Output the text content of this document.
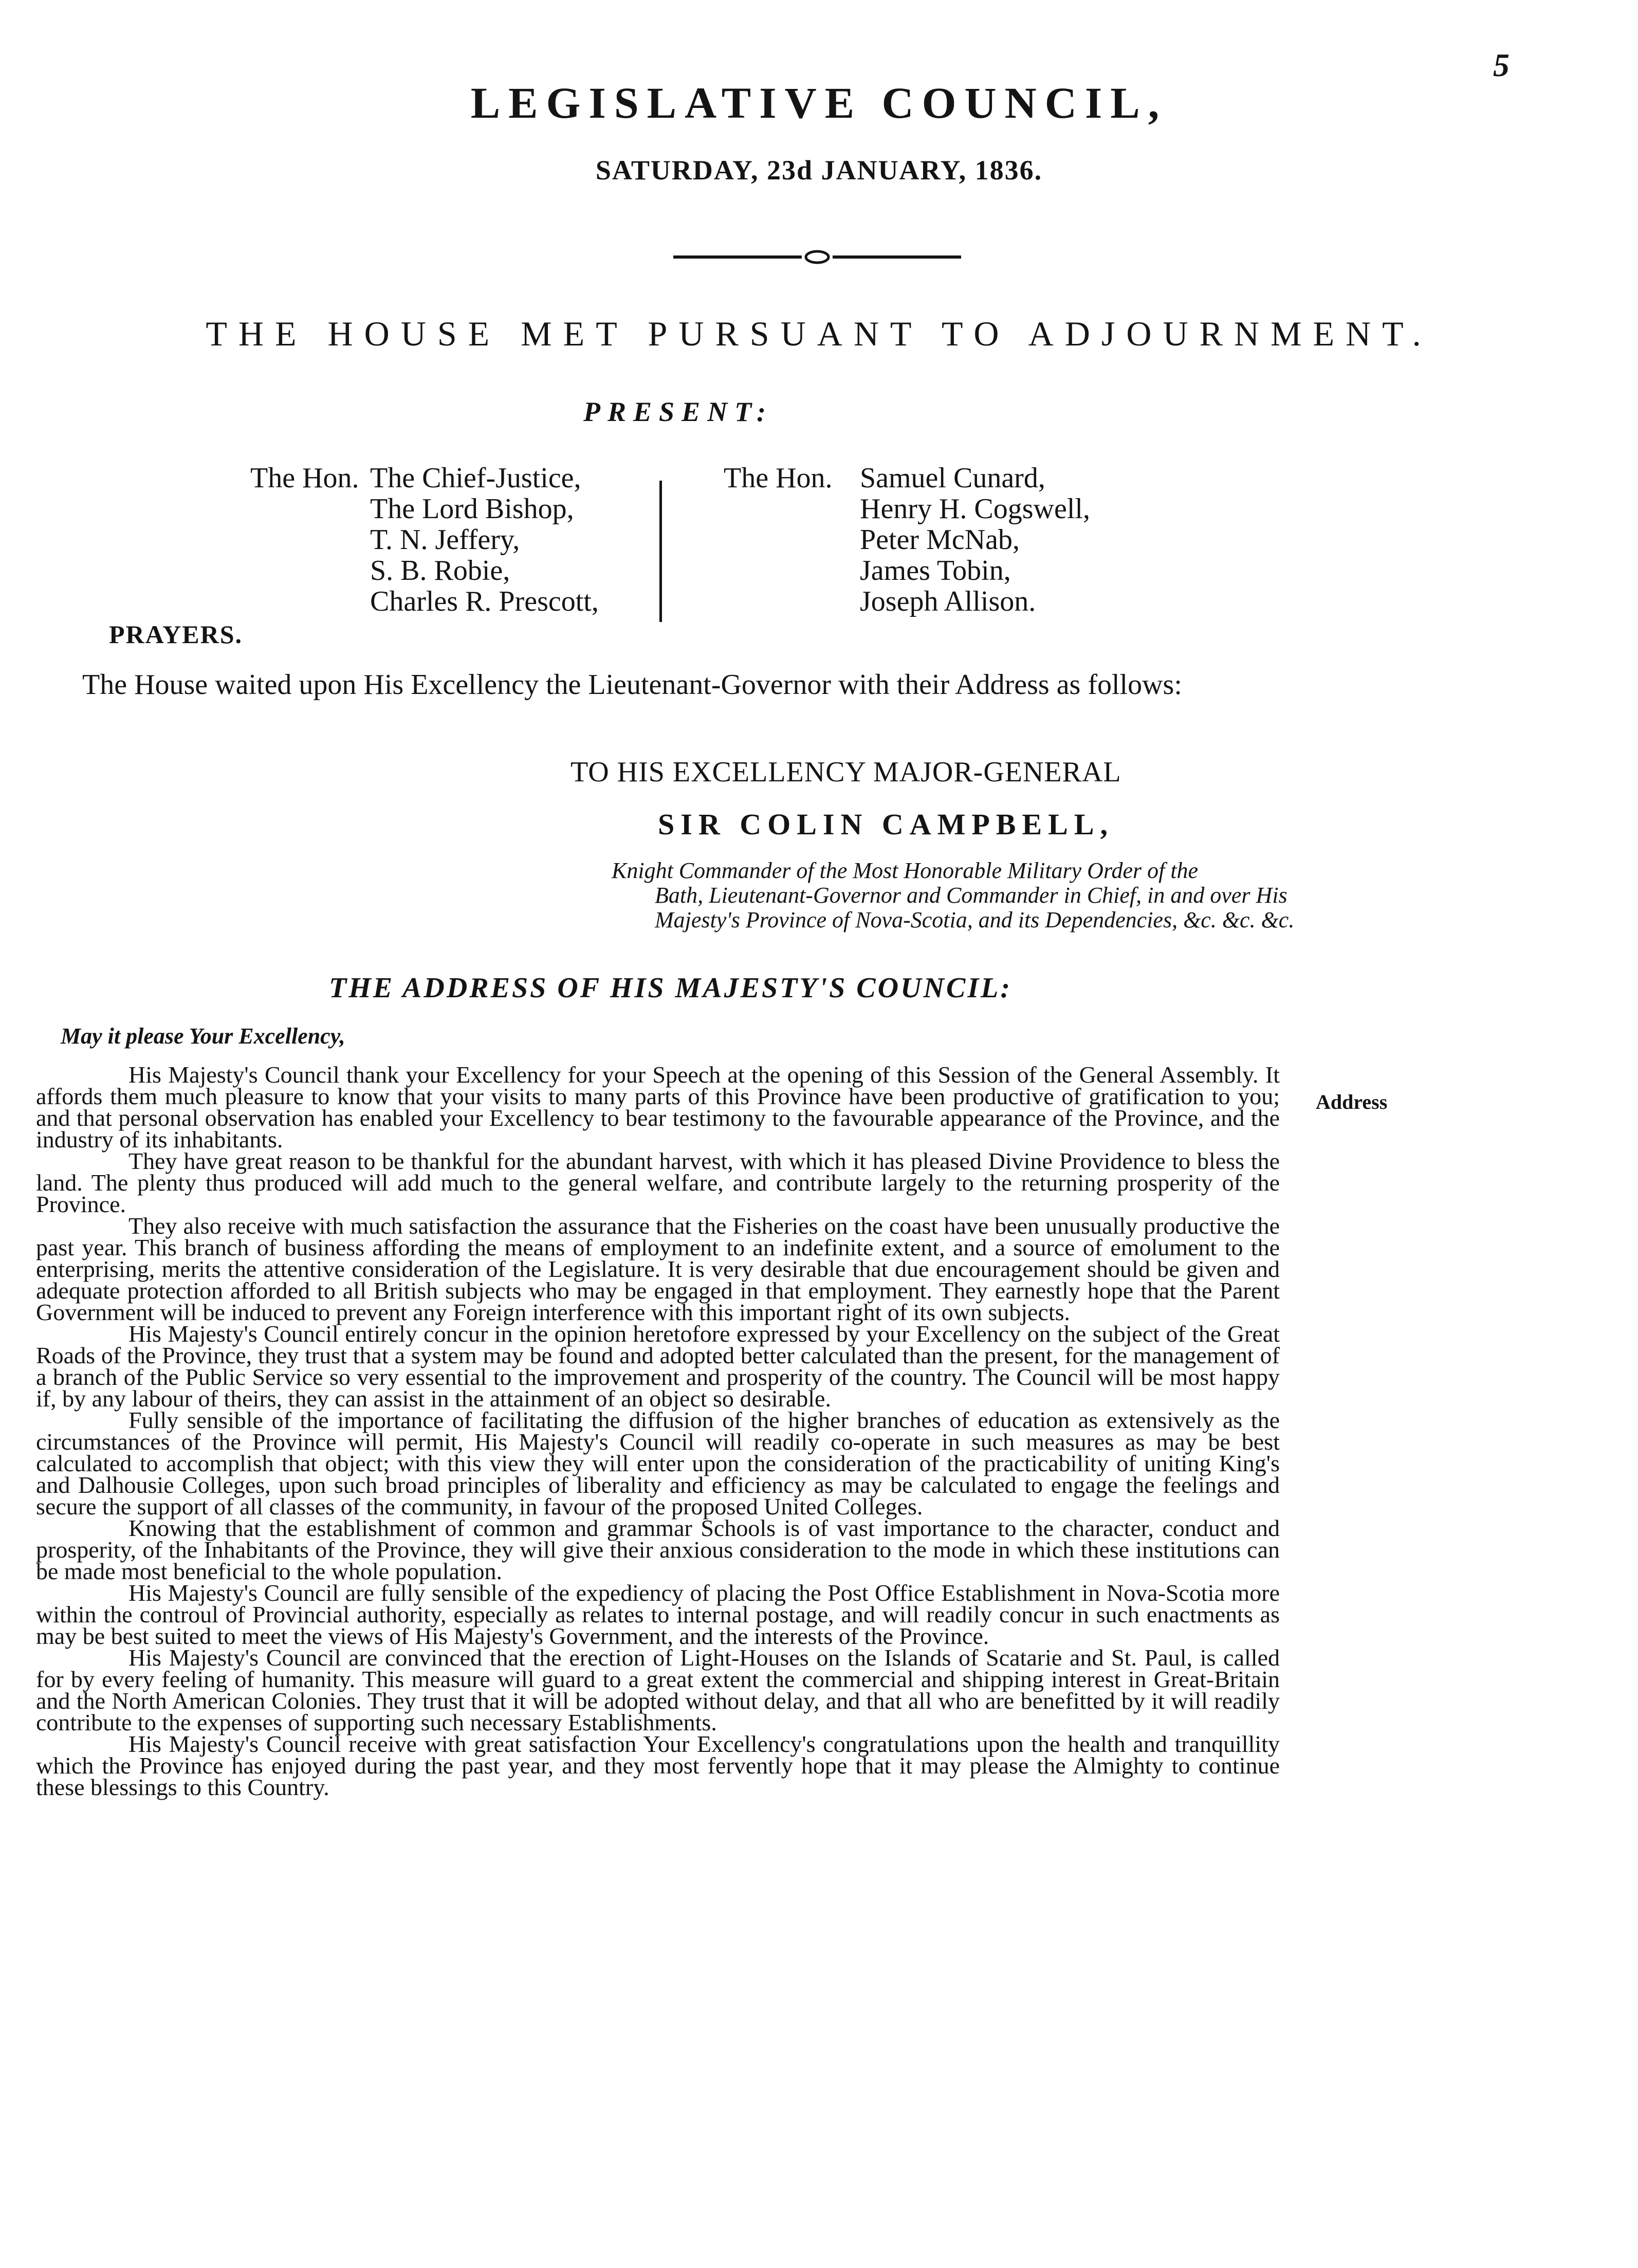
5
LEGISLATIVE COUNCIL,
SATURDAY, 23d JANUARY, 1836.
THE HOUSE MET PURSUANT TO ADJOURNMENT.
PRESENT:
The Hon. The Chief-Justice,
The Lord Bishop,
T. N. Jeffery,
S. B. Robie,
Charles R. Prescott,
The Hon. Samuel Cunard,
Henry H. Cogswell,
Peter McNab,
James Tobin,
Joseph Allison.
PRAYERS.
The House waited upon His Excellency the Lieutenant-Governor with their Address as follows:
TO HIS EXCELLENCY MAJOR-GENERAL
SIR COLIN CAMPBELL,
Knight Commander of the Most Honorable Military Order of the
Bath, Lieutenant-Governor and Commander in Chief, in and over His Majesty's Province of Nova-Scotia, and its Dependencies, &c. &c. &c.
THE ADDRESS OF HIS MAJESTY'S COUNCIL:
May it please Your Excellency,
Address

His Majesty's Council thank your Excellency for your Speech at the opening of this Session of the General Assembly. It affords them much pleasure to know that your visits to many parts of this Province have been productive of gratification to you; and that personal observation has enabled your Excellency to bear testimony to the favourable appearance of the Province, and the industry of its inhabitants.

They have great reason to be thankful for the abundant harvest, with which it has pleased Divine Providence to bless the land. The plenty thus produced will add much to the general welfare, and contribute largely to the returning prosperity of the Province.

They also receive with much satisfaction the assurance that the Fisheries on the coast have been unusually productive the past year. This branch of business affording the means of employment to an indefinite extent, and a source of emolument to the enterprising, merits the attentive consideration of the Legislature. It is very desirable that due encouragement should be given and adequate protection afforded to all British subjects who may be engaged in that employment. They earnestly hope that the Parent Government will be induced to prevent any Foreign interference with this important right of its own subjects.

His Majesty's Council entirely concur in the opinion heretofore expressed by your Excellency on the subject of the Great Roads of the Province, they trust that a system may be found and adopted better calculated than the present, for the management of a branch of the Public Service so very essential to the improvement and prosperity of the country. The Council will be most happy if, by any labour of theirs, they can assist in the attainment of an object so desirable.

Fully sensible of the importance of facilitating the diffusion of the higher branches of education as extensively as the circumstances of the Province will permit, His Majesty's Council will readily co-operate in such measures as may be best calculated to accomplish that object; with this view they will enter upon the consideration of the practicability of uniting King's and Dalhousie Colleges, upon such broad principles of liberality and efficiency as may be calculated to engage the feelings and secure the support of all classes of the community, in favour of the proposed United Colleges.

Knowing that the establishment of common and grammar Schools is of vast importance to the character, conduct and prosperity, of the Inhabitants of the Province, they will give their anxious consideration to the mode in which these institutions can be made most beneficial to the whole population.

His Majesty's Council are fully sensible of the expediency of placing the Post Office Establishment in Nova-Scotia more within the controul of Provincial authority, especially as relates to internal postage, and will readily concur in such enactments as may be best suited to meet the views of His Majesty's Government, and the interests of the Province.

His Majesty's Council are convinced that the erection of Light-Houses on the Islands of Scatarie and St. Paul, is called for by every feeling of humanity. This measure will guard to a great extent the commercial and shipping interest in Great-Britain and the North American Colonies. They trust that it will be adopted without delay, and that all who are benefitted by it will readily contribute to the expenses of supporting such necessary Establishments.

His Majesty's Council receive with great satisfaction Your Excellency's congratulations upon the health and tranquillity which the Province has enjoyed during the past year, and they most fervently hope that it may please the Almighty to continue these blessings to this Country.
